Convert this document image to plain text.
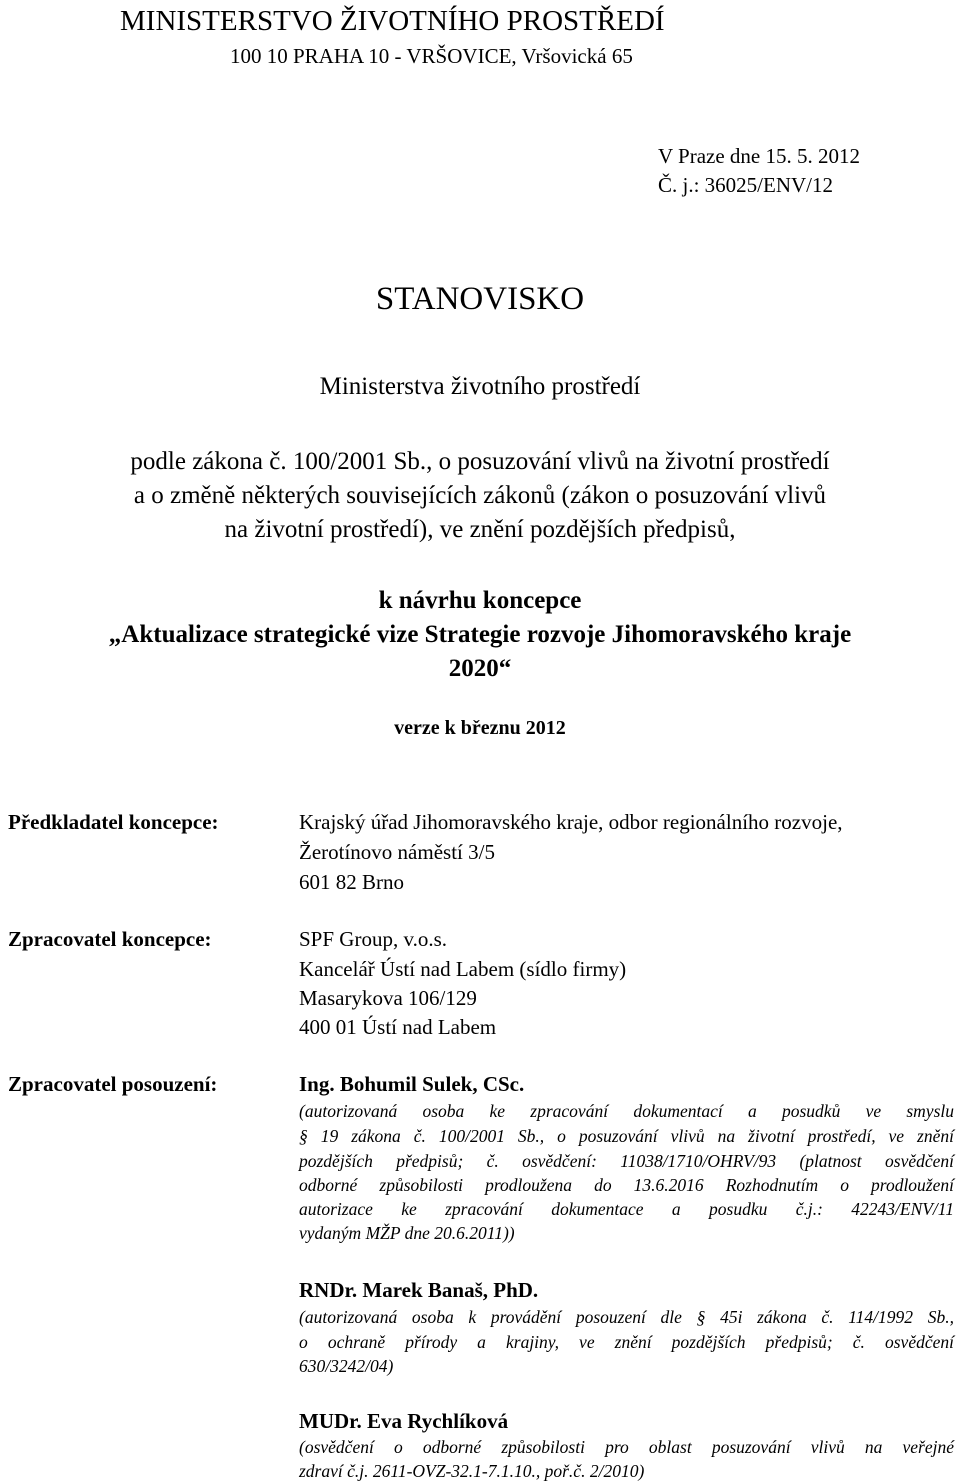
MINISTERSTVO ŽIVOTNÍHO PROSTŘEDÍ
100 10 PRAHA 10 - VRŠOVICE, Vršovická 65
V Praze dne 15. 5. 2012
Č. j.: 36025/ENV/12
STANOVISKO
Ministerstva životního prostředí
podle zákona č. 100/2001 Sb., o posuzování vlivů na životní prostředí
a o změně některých souvisejících zákonů (zákon o posuzování vlivů
na životní prostředí), ve znění pozdějších předpisů,
k návrhu koncepce
„Aktualizace strategické vize Strategie rozvoje Jihomoravského kraje
2020“
verze k březnu 2012
Předkladatel koncepce:	Krajský úřad Jihomoravského kraje, odbor regionálního rozvoje,
Žerotínovo náměstí 3/5
601 82 Brno
Zpracovatel koncepce:	SPF Group, v.o.s.
Kancelář Ústí nad Labem (sídlo firmy)
Masarykova 106/129
400 01 Ústí nad Labem
Zpracovatel posouzení:	Ing. Bohumil Sulek, CSc.
(autorizovaná osoba ke zpracování dokumentací a posudků ve smyslu
§ 19 zákona č. 100/2001 Sb., o posuzování vlivů na životní prostředí, ve znění
pozdějších předpisů; č. osvědčení: 11038/1710/OHRV/93 (platnost osvědčení
odborné způsobilosti prodloužena do 13.6.2016 Rozhodnutím o prodloužení
autorizace ke zpracování dokumentace a posudku č.j.: 42243/ENV/11
vydaným MŽP dne 20.6.2011))
RNDr. Marek Banaš, PhD.
(autorizovaná osoba k provádění posouzení dle § 45i zákona č. 114/1992 Sb.,
o ochraně přírody a krajiny, ve znění pozdějších předpisů; č. osvědčení
630/3242/04)
MUDr. Eva Rychlíková
(osvědčení o odborné způsobilosti pro oblast posuzování vlivů na veřejné
zdraví č.j. 2611-OVZ-32.1-7.1.10., poř.č. 2/2010)
